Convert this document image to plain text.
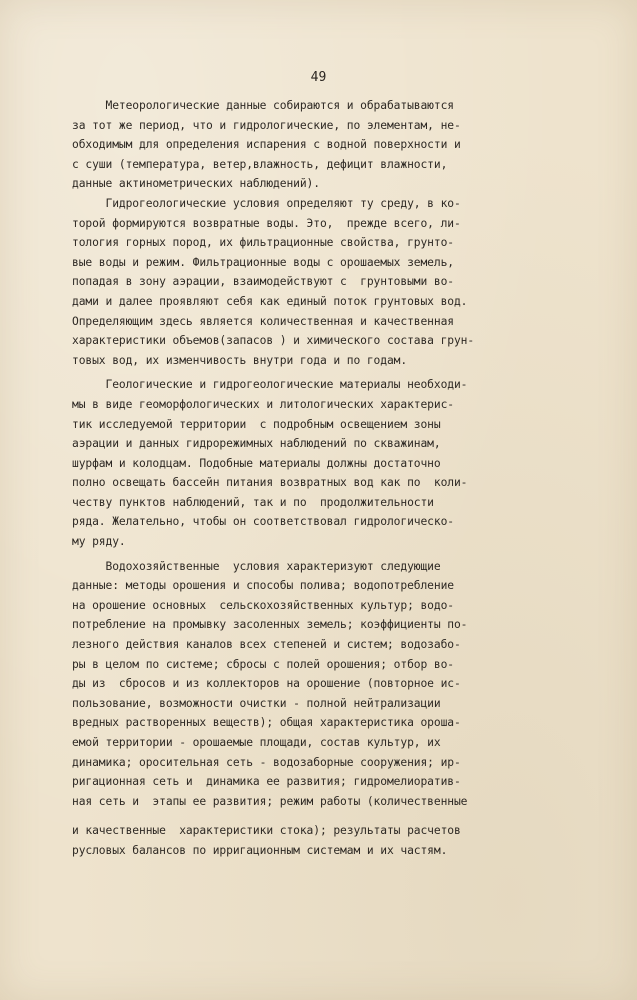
49
Метеорологические данные собираются и обрабатываются
за тот же период, что и гидрологические, по элементам, не-
обходимым для определения испарения с водной поверхности и
с суши (температура, ветер,влажность, дефицит влажности,
данные актинометрических наблюдений).
Гидрогеологические условия определяют ту среду, в ко-
торой формируются возвратные воды. Это,  прежде всего, ли-
тология горных пород, их фильтрационные свойства, грунто-
вые воды и режим. Фильтрационные воды с орошаемых земель,
попадая в зону аэрации, взаимодействуют с  грунтовыми во-
дами и далее проявляют себя как единый поток грунтовых вод.
Определяющим здесь является количественная и качественная
характеристики объемов(запасов ) и химического состава грун-
товых вод, их изменчивость внутри года и по годам.
Геологические и гидрогеологические материалы необходи-
мы в виде геоморфологических и литологических характерис-
тик исследуемой территории  с подробным освещением зоны
аэрации и данных гидрорежимных наблюдений по скважинам,
шурфам и колодцам. Подобные материалы должны достаточно
полно освещать бассейн питания возвратных вод как по  коли-
честву пунктов наблюдений, так и по  продолжительности
ряда. Желательно, чтобы он соответствовал гидрологическо-
му ряду.
Водохозяйственные  условия характеризуют следующие
данные: методы орошения и способы полива; водопотребление
на орошение основных  сельскохозяйственных культур; водо-
потребление на промывку засоленных земель; коэффициенты по-
лезного действия каналов всех степеней и систем; водозабо-
ры в целом по системе; сбросы с полей орошения; отбор во-
ды из  сбросов и из коллекторов на орошение (повторное ис-
пользование, возможности очистки - полной нейтрализации
вредных растворенных веществ); общая характеристика ороша-
емой территории - орошаемые площади, состав культур, их
динамика; оросительная сеть - водозаборные сооружения; ир-
ригационная сеть и  динамика ее развития; гидромелиоратив-
ная сеть и  этапы ее развития; режим работы (количественные
и качественные  характеристики стока); результаты расчетов
русловых балансов по ирригационным системам и их частям.
